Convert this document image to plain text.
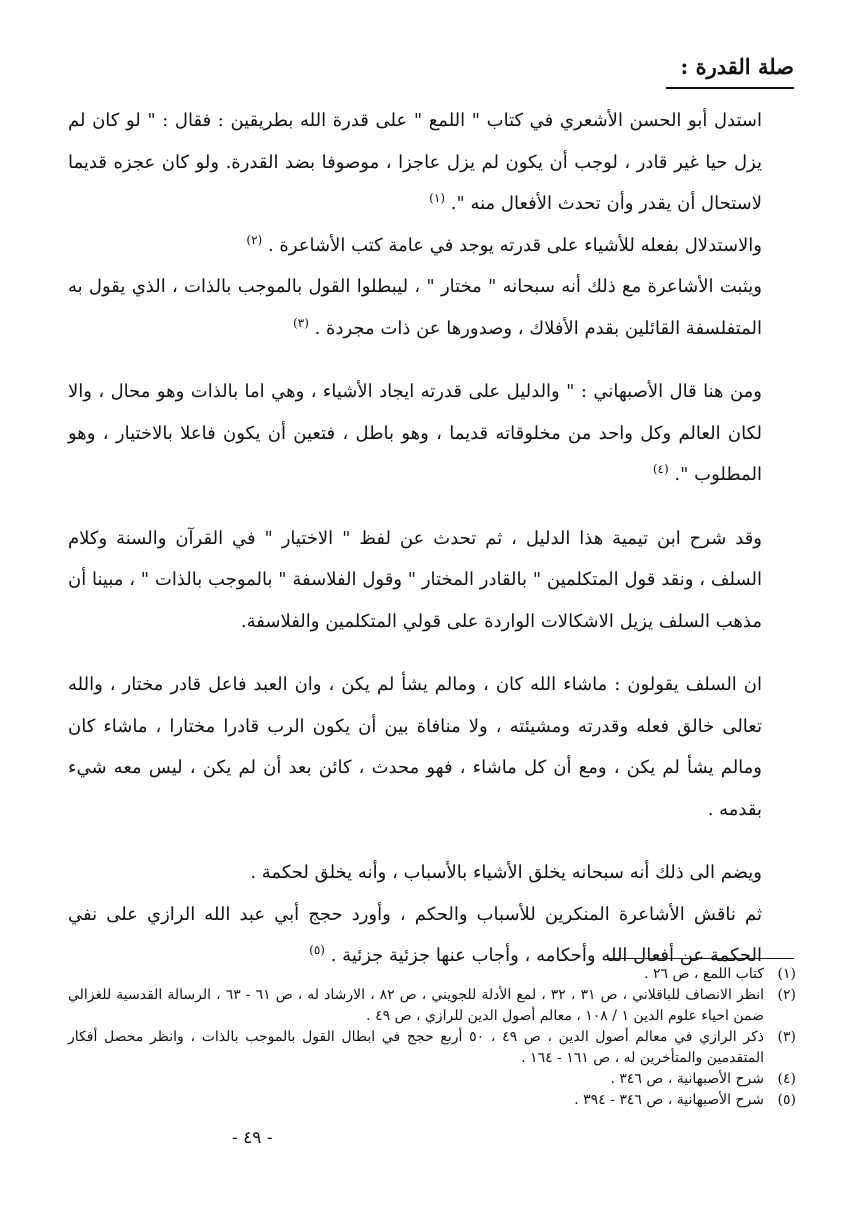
صلة القدرة :

استدل أبو الحسن الأشعري في كتاب " اللمع " على قدرة الله بطريقين : فقال : " لو كان لم يزل حيا غير قادر ، لوجب أن يكون لم يزل عاجزا ، موصوفا بضد القدرة. ولو كان عجزه قديما لاستحال أن يقدر وأن تحدث الأفعال منه ". $^{(١)}$

والاستدلال بفعله للأشياء على قدرته يوجد في عامة كتب الأشاعرة . $^{(٢)}$

ويثبت الأشاعرة مع ذلك أنه سبحانه " مختار " ، ليبطلوا القول بالموجب بالذات ، الذي يقول به المتفلسفة القائلين بقدم الأفلاك ، وصدورها عن ذات مجردة . $^{(٣)}$

ومن هنا قال الأصبهاني : " والدليل على قدرته ايجاد الأشياء ، وهي اما بالذات وهو محال ، والا لكان العالم وكل واحد من مخلوقاته قديما ، وهو باطل ، فتعين أن يكون فاعلا بالاختيار ، وهو المطلوب ". $^{(٤)}$

وقد شرح ابن تيمية هذا الدليل ، ثم تحدث عن لفظ " الاختيار " في القرآن والسنة وكلام السلف ، ونقد قول المتكلمين " بالقادر المختار " وقول الفلاسفة " بالموجب بالذات " ، مبينا أن مذهب السلف يزيل الاشكالات الواردة على قولي المتكلمين والفلاسفة.

ان السلف يقولون : ماشاء الله كان ، ومالم يشأ لم يكن ، وان العبد فاعل قادر مختار ، والله تعالى خالق فعله وقدرته ومشيئته ، ولا منافاة بين أن يكون الرب قادرا مختارا ، ماشاء كان ومالم يشأ لم يكن ، ومع أن كل ماشاء ، فهو محدث ، كائن بعد أن لم يكن ، ليس معه شيء بقدمه .

ويضم الى ذلك أنه سبحانه يخلق الأشياء بالأسباب ، وأنه يخلق لحكمة .

ثم ناقش الأشاعرة المنكرين للأسباب والحكم ، وأورد حجج أبي عبد الله الرازي على نفي الحكمة عن أفعال الله وأحكامه ، وأجاب عنها جزئية جزئية . $^{(٥)}$

(١)
كتاب اللمع ، ص ٢٦ .
(٢)
انظر الانصاف للباقلاني ، ص ٣١ ، ٣٢ ، لمع الأدلة للجويني ، ص ٨٢ ، الارشاد له ، ص ٦١ - ٦٣ ، الرسالة القدسية للغزالي ضمن احياء علوم الدين ١ / ١٠٨ ، معالم أصول الدين للرازي ، ص ٤٩ .
(٣)
ذكر الرازي في معالم أصول الدين ، ص ٤٩ ، ٥٠ أربع حجج في ابطال القول بالموجب بالذات ، وانظر محصل أفكار المتقدمين والمتأخرين له ، ص ١٦١ - ١٦٤ .
(٤)
شرح الأصبهانية ، ص ٣٤٦ .
(٥)
شرح الأصبهانية ، ص ٣٤٦ - ٣٩٤ .
- ٤٩ -
